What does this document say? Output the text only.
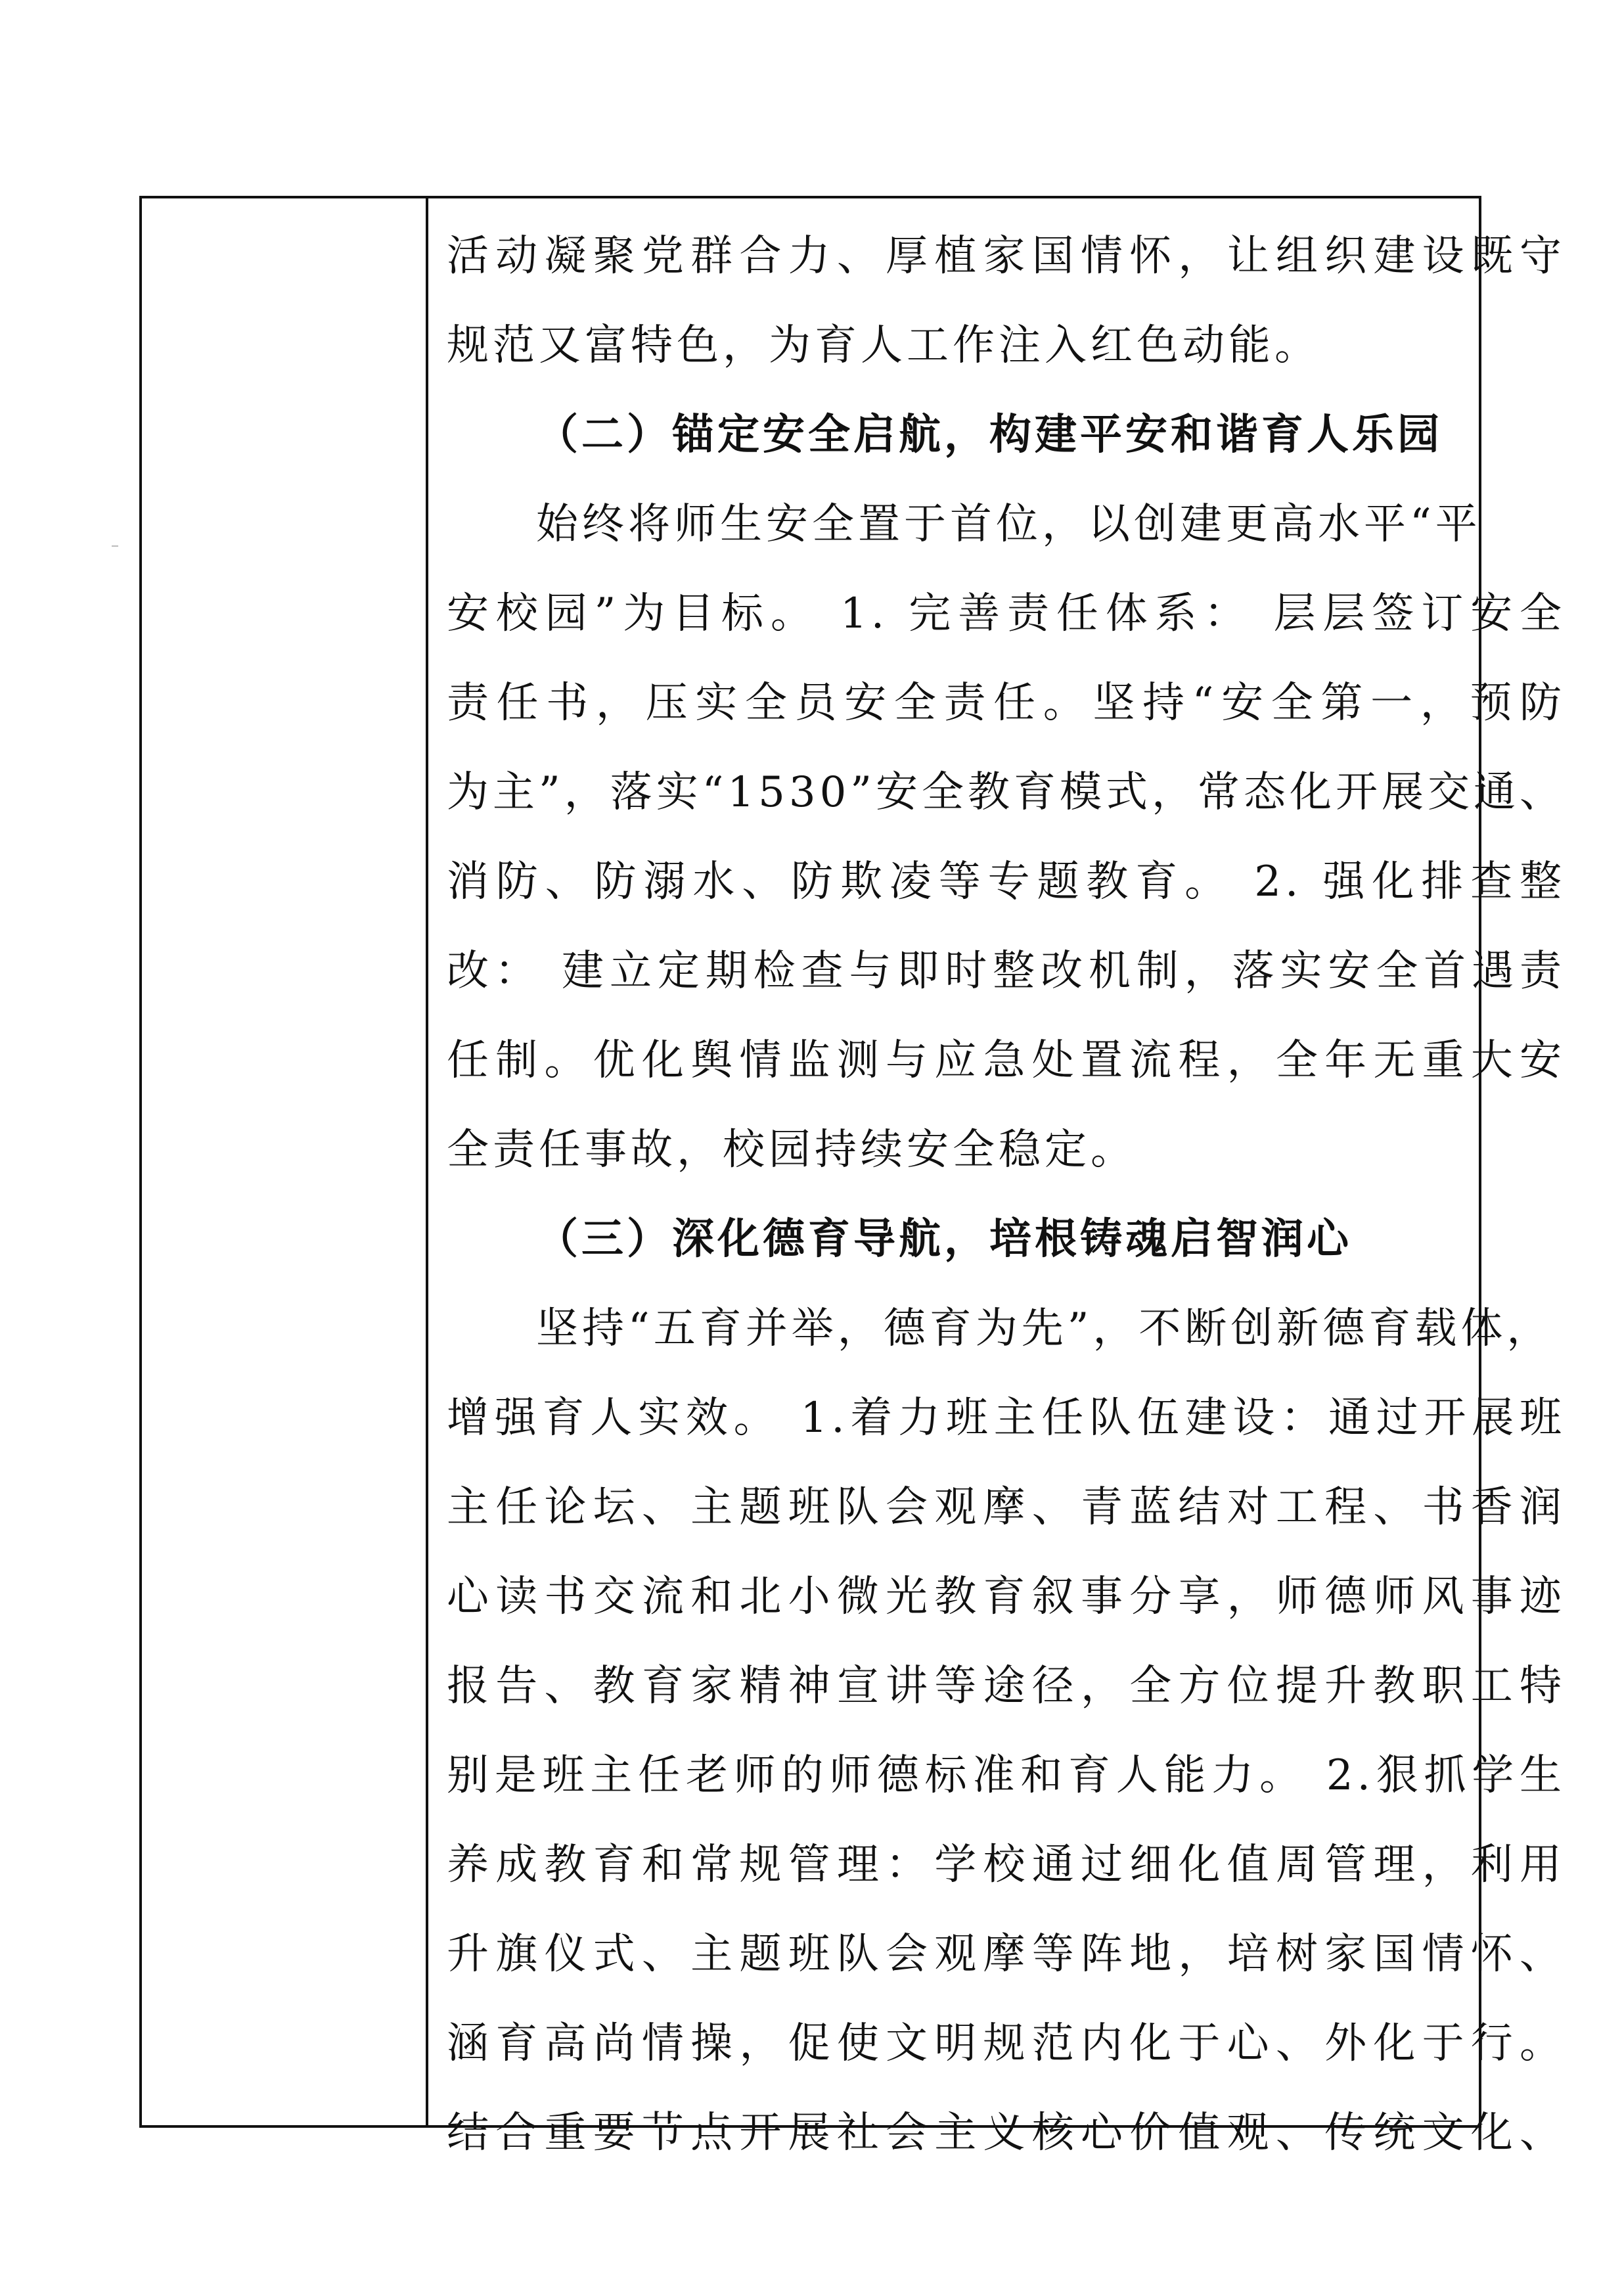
活动凝聚党群合力、厚植家国情怀，让组织建设既守
规范又富特色，为育人工作注入红色动能。
（二）锚定安全启航，构建平安和谐育人乐园
始终将师生安全置于首位，以创建更高水平“平
安校园”为目标。 1. 完善责任体系： 层层签订安全
责任书，压实全员安全责任。坚持“安全第一，预防
为主”，落实“1530”安全教育模式，常态化开展交通、
消防、防溺水、防欺凌等专题教育。 2. 强化排查整
改： 建立定期检查与即时整改机制，落实安全首遇责
任制。优化舆情监测与应急处置流程，全年无重大安
全责任事故，校园持续安全稳定。
（三）深化德育导航，培根铸魂启智润心
坚持“五育并举，德育为先”，不断创新德育载体，
增强育人实效。 1.着力班主任队伍建设：通过开展班
主任论坛、主题班队会观摩、青蓝结对工程、书香润
心读书交流和北小微光教育叙事分享，师德师风事迹
报告、教育家精神宣讲等途径，全方位提升教职工特
别是班主任老师的师德标准和育人能力。 2.狠抓学生
养成教育和常规管理：学校通过细化值周管理，利用
升旗仪式、主题班队会观摩等阵地，培树家国情怀、
涵育高尚情操，促使文明规范内化于心、外化于行。
结合重要节点开展社会主义核心价值观、传统文化、
